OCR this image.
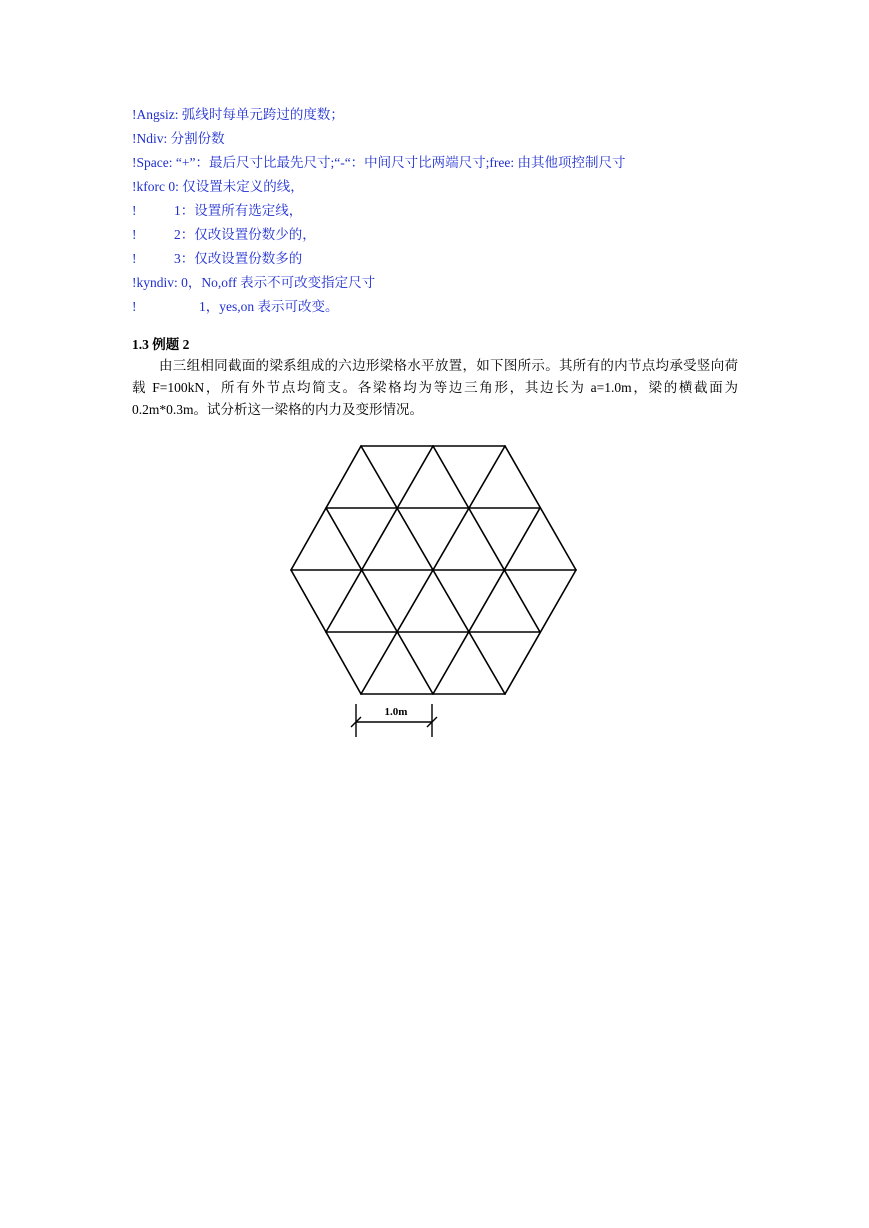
!Angsiz: 弧线时每单元跨过的度数；
!Ndiv: 分割份数
!Space: “+”：最后尺寸比最先尺寸;“-“：中间尺寸比两端尺寸;free: 由其他项控制尺寸
!kforc 0: 仅设置未定义的线，
!	1：设置所有选定线，
!	2：仅改设置份数少的，
!	3：仅改设置份数多的
!kyndiv: 0，No,off 表示不可改变指定尺寸
!	1，yes,on 表示可改变。
1.3 例题 2
由三组相同截面的梁系组成的六边形梁格水平放置，如下图所示。其所有的内节点均承受竖向荷载 F=100kN，所有外节点均简支。各梁格均为等边三角形，其边长为 a=1.0m，梁的横截面为 0.2m*0.3m。试分析这一梁格的内力及变形情况。
1.0m
